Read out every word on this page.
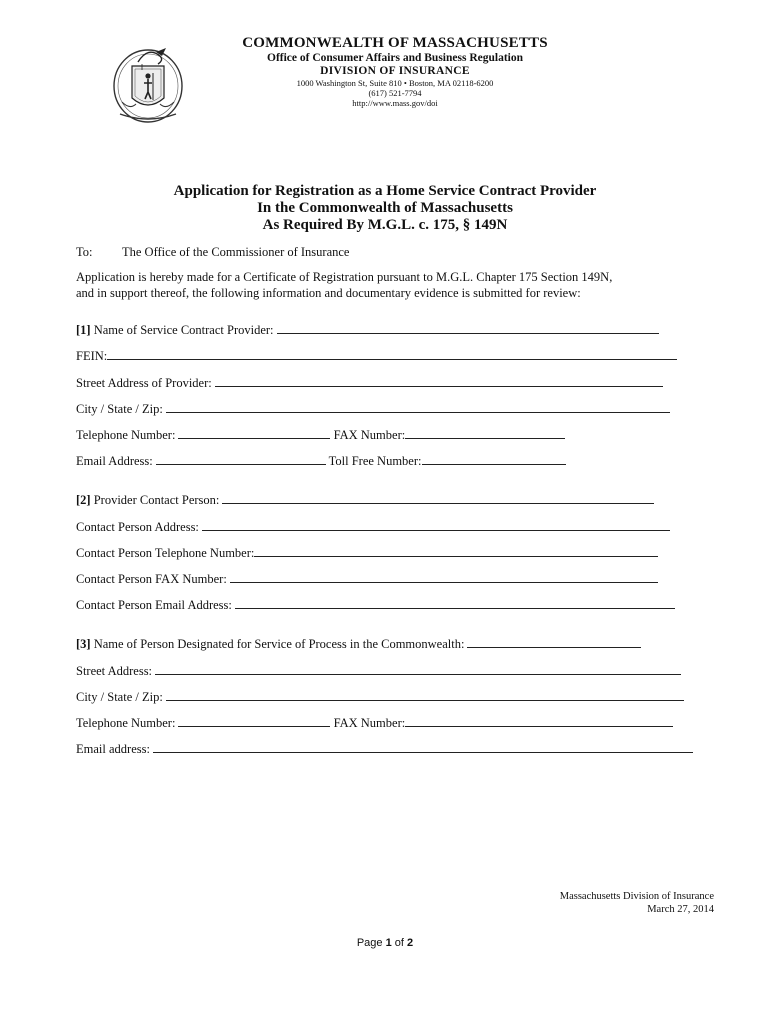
COMMONWEALTH OF MASSACHUSETTS
Office of Consumer Affairs and Business Regulation
DIVISION OF INSURANCE
1000 Washington St, Suite 810 • Boston, MA 02118-6200
(617) 521-7794
http://www.mass.gov/doi
Application for Registration as a Home Service Contract Provider
In the Commonwealth of Massachusetts
As Required By M.G.L. c. 175, § 149N
To: The Office of the Commissioner of Insurance
Application is hereby made for a Certificate of Registration pursuant to M.G.L. Chapter 175 Section 149N,
and in support thereof, the following information and documentary evidence is submitted for review:
[1] Name of Service Contract Provider:
FEIN:
Street Address of Provider:
City / State / Zip:
Telephone Number:	FAX Number:
Email Address:	Toll Free Number:
[2] Provider Contact Person:
Contact Person Address:
Contact Person Telephone Number:
Contact Person FAX Number:
Contact Person Email Address:
[3] Name of Person Designated for Service of Process in the Commonwealth:
Street Address:
City / State / Zip:
Telephone Number:	FAX Number:
Email address:
Massachusetts Division of Insurance
March 27, 2014
Page 1 of 2
